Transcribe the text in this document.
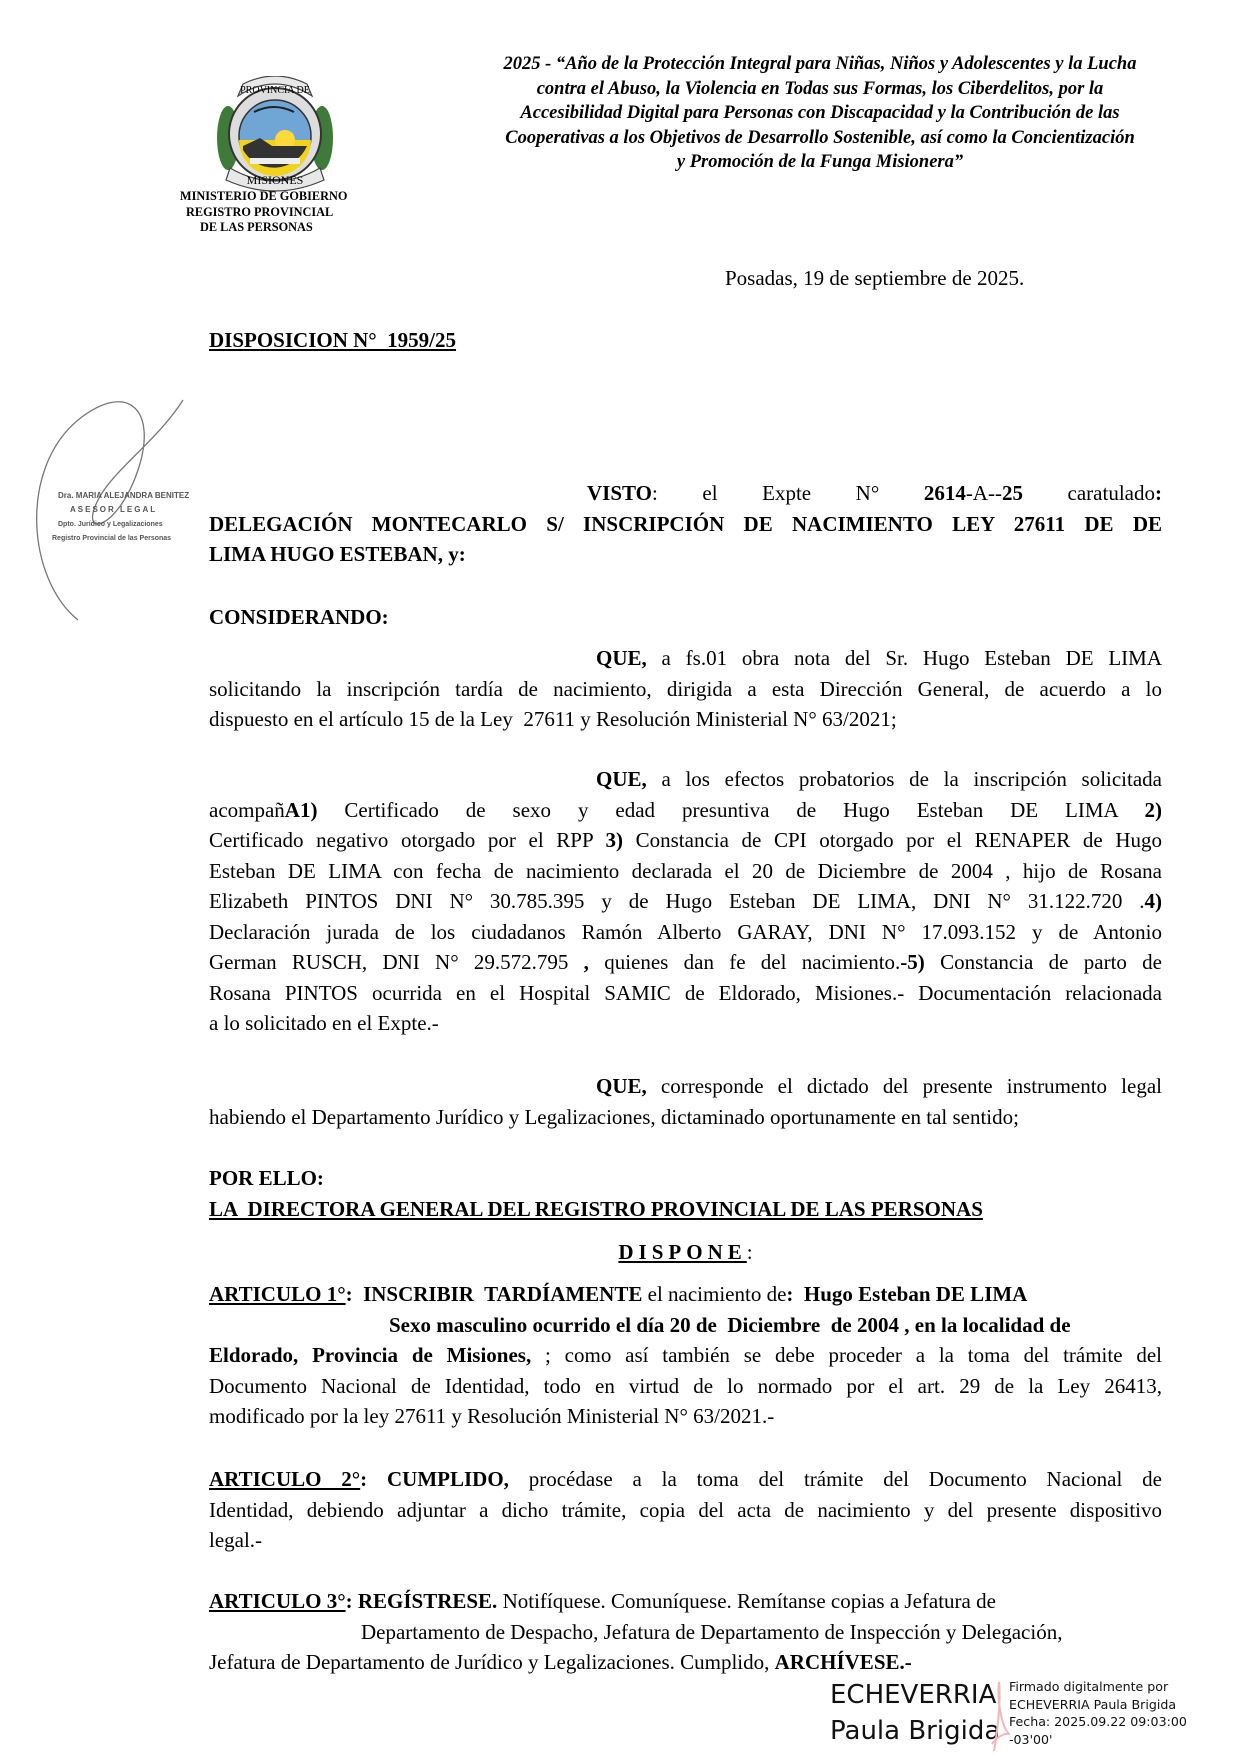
2025 - “Año de la Protección Integral para Niñas, Niños y Adolescentes y la Lucha
contra el Abuso, la Violencia en Todas sus Formas, los Ciberdelitos, por la
Accesibilidad Digital para Personas con Discapacidad y la Contribución de las
Cooperativas a los Objetivos de Desarrollo Sostenible, así como la Concientización
y Promoción de la Funga Misionera”
PROVINCIA DE
MISIONES
MINISTERIO DE GOBIERNO
REGISTRO PROVINCIAL
DE LAS PERSONAS
Posadas, 19 de septiembre de 2025.
DISPOSICION N°  1959/25
Dra. MARIA ALEJANDRA BENITEZ
ASESOR LEGAL
Dpto. Jurídico y Legalizaciones
Registro Provincial de las Personas
VISTO: el Expte N° 2614-A--25 caratulado:
DELEGACIÓN MONTECARLO S/ INSCRIPCIÓN DE NACIMIENTO LEY 27611 DE DE
LIMA HUGO ESTEBAN, y:
CONSIDERANDO:
QUE, a fs.01 obra nota del Sr. Hugo Esteban DE LIMA
solicitando la inscripción tardía de nacimiento, dirigida a esta Dirección General, de acuerdo a lo
dispuesto en el artículo 15 de la Ley  27611 y Resolución Ministerial N° 63/2021;
QUE, a los efectos probatorios de la inscripción solicitada
acompañA1) Certificado de sexo y edad presuntiva de Hugo Esteban DE LIMA 2)
Certificado negativo otorgado por el RPP 3) Constancia de CPI otorgado por el RENAPER de Hugo
Esteban DE LIMA con fecha de nacimiento declarada el 20 de Diciembre de 2004 , hijo de Rosana
Elizabeth PINTOS DNI N° 30.785.395 y de Hugo Esteban DE LIMA, DNI N° 31.122.720 .4)
Declaración jurada de los ciudadanos Ramón Alberto GARAY, DNI N° 17.093.152 y de Antonio
German RUSCH, DNI N° 29.572.795 , quienes dan fe del nacimiento.-5) Constancia de parto de
Rosana PINTOS ocurrida en el Hospital SAMIC de Eldorado, Misiones.- Documentación relacionada
a lo solicitado en el Expte.-
QUE, corresponde el dictado del presente instrumento legal
habiendo el Departamento Jurídico y Legalizaciones, dictaminado oportunamente en tal sentido;
POR ELLO:
LA  DIRECTORA GENERAL DEL REGISTRO PROVINCIAL DE LAS PERSONAS
ARTICULO 1°:  INSCRIBIR  TARDÍAMENTE el nacimiento de:  Hugo Esteban DE LIMA
Sexo masculino ocurrido el día 20 de  Diciembre  de 2004 , en la localidad de
Eldorado, Provincia de Misiones, ; como así también se debe proceder a la toma del trámite del
Documento Nacional de Identidad, todo en virtud de lo normado por el art. 29 de la Ley 26413,
modificado por la ley 27611 y Resolución Ministerial N° 63/2021.-
ARTICULO 2°: CUMPLIDO, procédase a la toma del trámite del Documento Nacional de
Identidad, debiendo adjuntar a dicho trámite, copia del acta de nacimiento y del presente dispositivo
legal.-
ARTICULO 3°: REGÍSTRESE. Notifíquese. Comuníquese. Remítanse copias a Jefatura de
Departamento de Despacho, Jefatura de Departamento de Inspección y Delegación,
Jefatura de Departamento de Jurídico y Legalizaciones. Cumplido, ARCHÍVESE.-
DISPONE:
ECHEVERRIA
Paula Brigida
Firmado digitalmente por
ECHEVERRIA Paula Brigida
Fecha: 2025.09.22 09:03:00
-03'00'
